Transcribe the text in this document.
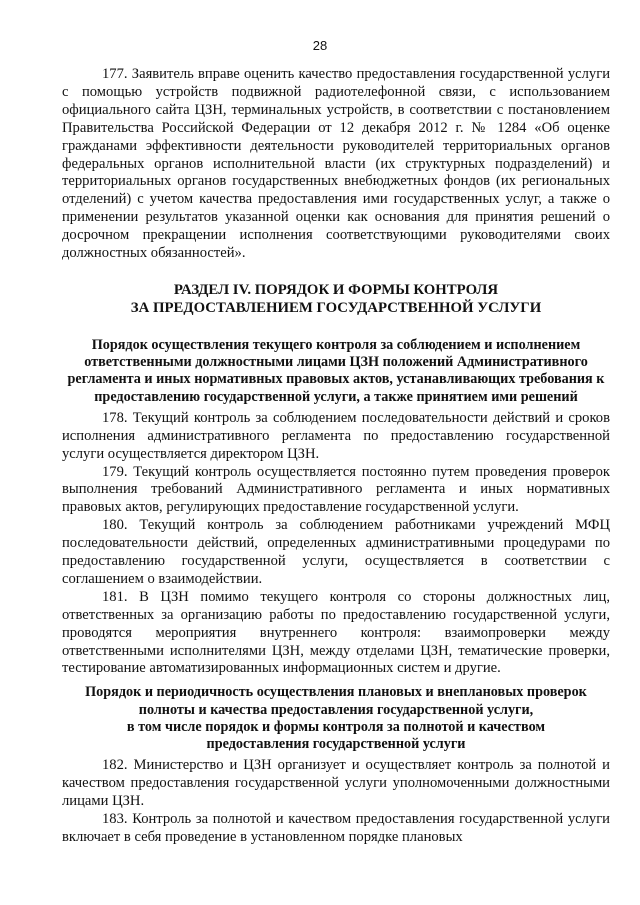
28

177. Заявитель вправе оценить качество предоставления государственной услуги с помощью устройств подвижной радиотелефонной связи, с использованием официального сайта ЦЗН, терминальных устройств, в соответствии с постановлением Правительства Российской Федерации от 12 декабря 2012 г. № 1284 «Об оценке гражданами эффективности деятельности руководителей территориальных органов федеральных органов исполнительной власти (их структурных подразделений) и территориальных органов государственных внебюджетных фондов (их региональных отделений) с учетом качества предоставления ими государственных услуг, а также о применении результатов указанной оценки как основания для принятия решений о досрочном прекращении исполнения соответствующими руководителями своих должностных обязанностей».

РАЗДЕЛ IV. ПОРЯДОК И ФОРМЫ КОНТРОЛЯ
ЗА ПРЕДОСТАВЛЕНИЕМ ГОСУДАРСТВЕННОЙ УСЛУГИ
Порядок осуществления текущего контроля за соблюдением и исполнением ответственными должностными лицами ЦЗН положений Административного регламента и иных нормативных правовых актов, устанавливающих требования к предоставлению государственной услуги, а также принятием ими решений

178. Текущий контроль за соблюдением последовательности действий и сроков исполнения административного регламента по предоставлению государственной услуги осуществляется директором ЦЗН.

179. Текущий контроль осуществляется постоянно путем проведения проверок выполнения требований Административного регламента и иных нормативных правовых актов, регулирующих предоставление государственной услуги.

180. Текущий контроль за соблюдением работниками учреждений МФЦ последовательности действий, определенных административными процедурами по предоставлению государственной услуги, осуществляется в соответствии с соглашением о взаимодействии.

181. В ЦЗН помимо текущего контроля со стороны должностных лиц, ответственных за организацию работы по предоставлению государственной услуги, проводятся мероприятия внутреннего контроля: взаимопроверки между ответственными исполнителями ЦЗН, между отделами ЦЗН, тематические проверки, тестирование автоматизированных информационных систем и другие.

Порядок и периодичность осуществления плановых и внеплановых проверок
полноты и качества предоставления государственной услуги,
в том числе порядок и формы контроля за полнотой и качеством
предоставления государственной услуги

182. Министерство и ЦЗН организует и осуществляет контроль за полнотой и качеством предоставления государственной услуги уполномоченными должностными лицами ЦЗН.

183. Контроль за полнотой и качеством предоставления государственной услуги включает в себя проведение в установленном порядке плановых
